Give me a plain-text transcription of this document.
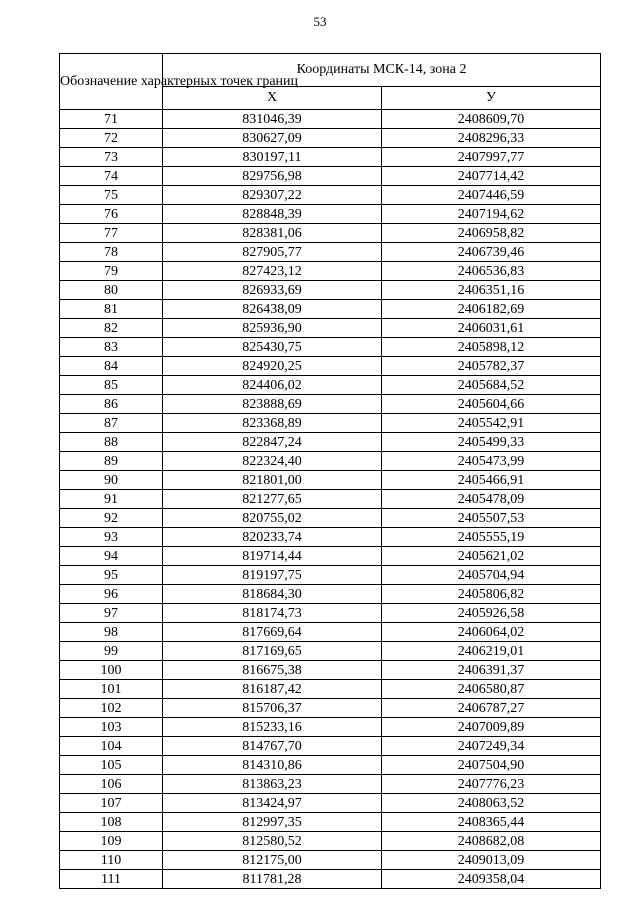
53
Обозначение характерных точек границ	Координаты МСК-14, зона 2	
	X	У
71	831046,39	2408609,70
72	830627,09	2408296,33
73	830197,11	2407997,77
74	829756,98	2407714,42
75	829307,22	2407446,59
76	828848,39	2407194,62
77	828381,06	2406958,82
78	827905,77	2406739,46
79	827423,12	2406536,83
80	826933,69	2406351,16
81	826438,09	2406182,69
82	825936,90	2406031,61
83	825430,75	2405898,12
84	824920,25	2405782,37
85	824406,02	2405684,52
86	823888,69	2405604,66
87	823368,89	2405542,91
88	822847,24	2405499,33
89	822324,40	2405473,99
90	821801,00	2405466,91
91	821277,65	2405478,09
92	820755,02	2405507,53
93	820233,74	2405555,19
94	819714,44	2405621,02
95	819197,75	2405704,94
96	818684,30	2405806,82
97	818174,73	2405926,58
98	817669,64	2406064,02
99	817169,65	2406219,01
100	816675,38	2406391,37
101	816187,42	2406580,87
102	815706,37	2406787,27
103	815233,16	2407009,89
104	814767,70	2407249,34
105	814310,86	2407504,90
106	813863,23	2407776,23
107	813424,97	2408063,52
108	812997,35	2408365,44
109	812580,52	2408682,08
110	812175,00	2409013,09
111	811781,28	2409358,04
